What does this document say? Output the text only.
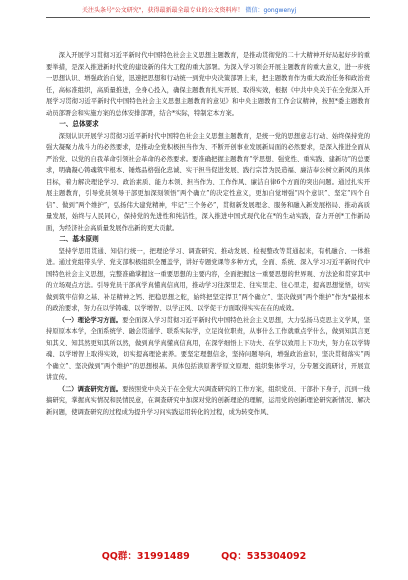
关注头条号"公文研究"，获得最新最全最专业的公文资料库！ 微信：gongwenyj

深入开展学习贯彻习近平新时代中国特色社会主义思想主题教育，是推动贯彻党的二十大精神开好局起好步的重要举措，是深入推进新时代党的建设新的伟大工程的重大部署。为深入学习领会开展主题教育的重大意义，进一步统一思想认识、增强政治自觉，迅速把思想和行动统一到党中央决策部署上来，把主题教育作为重大政治任务和政治责任，高标准组织，高质量推进，全身心投入，确保主题教育扎实开展、取得实效，根据《中共中央关于在全党深入开展学习贯彻习近平新时代中国特色社会主义思想主题教育的意见》和中央主题教育工作会议精神，按照*委主题教育动员部署会和实施方案的总体安排部署，结合*实际，特制定本方案。

一、总体要求

深刻认识开展学习贯彻习近平新时代中国特色社会主义思想主题教育，是统一党的思想意志行动、始终保持党的强大凝聚力战斗力的必然要求，是推动全党积极担当作为、不断开创事业发展新局面的必然要求，是深入推进全面从严治党、以党的自我革命引领社会革命的必然要求。要准确把握主题教育“学思想、强党性、重实践、建新功”的总要求，明确凝心铸魂筑牢根本、锤炼品格强化忠诚、实干担当促进发展、践行宗旨为民造福、廉洁奉公树立新风的具体目标，着力解决理论学习、政治素质、能力本领、担当作为、工作作风、廉洁自律6个方面的突出问题。通过扎实开展主题教育，引导党员领导干部更加深刻领悟“两个确立”的决定性意义，更加自觉增强“四个意识”、坚定“四个自信”、做到“两个维护”，弘扬伟大建党精神，牢记“三个务必”，贯彻新发展理念、服务和融入新发展格局、推动高质量发展，始终与人民同心，保持党的先进性和纯洁性，深入推进中国式现代化在*的生动实践，奋力开创*工作新局面，为经济社会高质量发展作出新的更大贡献。

二、基本原则

坚持学思用贯通、知信行统一，把理论学习、调查研究、推动发展、检视整改等贯通起来，有机融合、一体推进。通过党组带头学、党支部积极组织全覆盖学，讲好专题党课等多种方式，全面、系统、深入学习习近平新时代中国特色社会主义思想，完整准确掌握这一重要思想的主要内容，全面把握这一重要思想的世界观、方法论和贯穿其中的立场观点方法。引导党员干部真学真懂真信真用，推动学习往深里走、往实里走、往心里走，提高思想觉悟，切实做到筑牢信仰之基、补足精神之钙、把稳思想之舵，始终把坚定捍卫“两个确立”、坚决做到“两个维护”作为*最根本的政治要求，努力在以学铸魂、以学增智、以学正风、以学促干方面取得实实在在的成效。

（一）理论学习方面。要全面深入学习贯彻习近平新时代中国特色社会主义思想，大力弘扬马克思主义学风，坚持原原本本学，全面系统学、融会贯通学、联系实际学，立足岗位职责，从事什么工作就重点学什么，做到知其言更知其义、知其然更知其所以然，做到真学真懂真信真用，在深学细悟上下功夫、在学以致用上下功夫，努力在以学铸魂、以学增智上取得实效，切实提高理论素养。要坚定理想信念，坚持问题导向，增强政治意识，坚决贯彻落实“两个确立”、坚决做到“两个维护”的思想根基。具体包括读原著学原文原理、组织集体学习，分专题交流研讨，开展宣讲宣传。

（二）调查研究方面。要按照党中央关于在全党大兴调查研究的工作方案，组织党员、干部扑下身子，沉到一线搞研究，掌握真实情况和民情民意，在调查研究中加深对党的创新理论的理解，运用党的创新理论研究新情况、解决新问题，使调查研究的过程成为提升学习问实践运用转化的过程，成为转变作风、

QQ群：31991489	QQ：535304092
